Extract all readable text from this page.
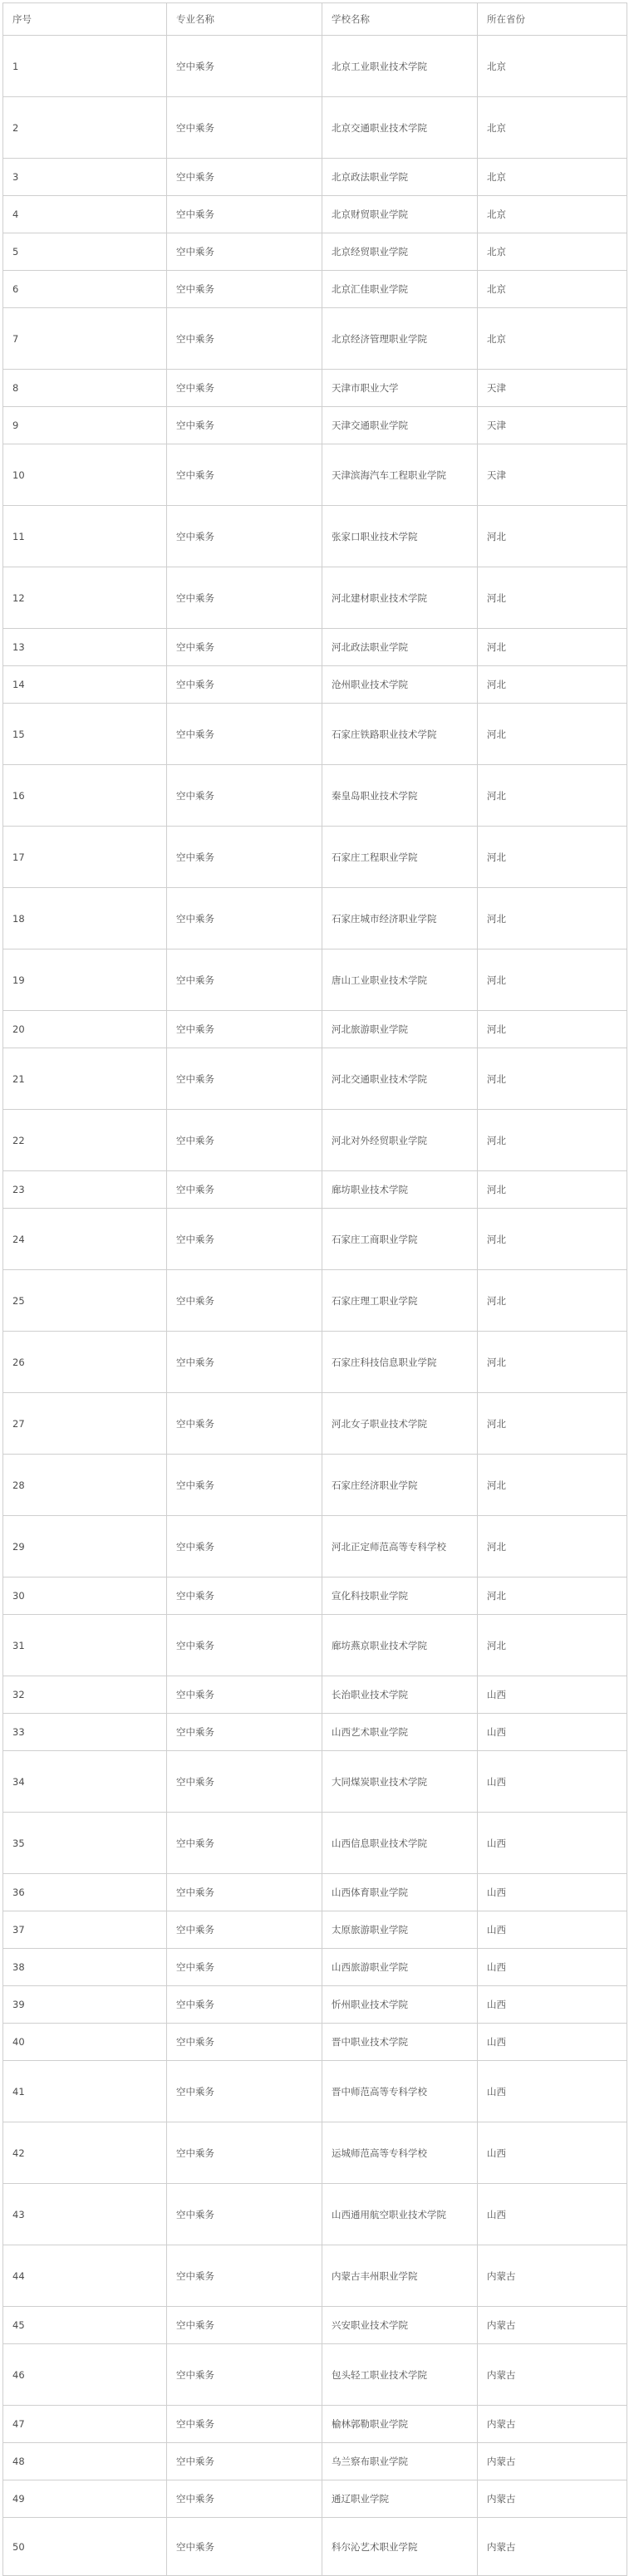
序号	专业名称	学校名称	所在省份
1	空中乘务	北京工业职业技术学院	北京
2	空中乘务	北京交通职业技术学院	北京
3	空中乘务	北京政法职业学院	北京
4	空中乘务	北京财贸职业学院	北京
5	空中乘务	北京经贸职业学院	北京
6	空中乘务	北京汇佳职业学院	北京
7	空中乘务	北京经济管理职业学院	北京
8	空中乘务	天津市职业大学	天津
9	空中乘务	天津交通职业学院	天津
10	空中乘务	天津滨海汽车工程职业学院	天津
11	空中乘务	张家口职业技术学院	河北
12	空中乘务	河北建材职业技术学院	河北
13	空中乘务	河北政法职业学院	河北
14	空中乘务	沧州职业技术学院	河北
15	空中乘务	石家庄铁路职业技术学院	河北
16	空中乘务	秦皇岛职业技术学院	河北
17	空中乘务	石家庄工程职业学院	河北
18	空中乘务	石家庄城市经济职业学院	河北
19	空中乘务	唐山工业职业技术学院	河北
20	空中乘务	河北旅游职业学院	河北
21	空中乘务	河北交通职业技术学院	河北
22	空中乘务	河北对外经贸职业学院	河北
23	空中乘务	廊坊职业技术学院	河北
24	空中乘务	石家庄工商职业学院	河北
25	空中乘务	石家庄理工职业学院	河北
26	空中乘务	石家庄科技信息职业学院	河北
27	空中乘务	河北女子职业技术学院	河北
28	空中乘务	石家庄经济职业学院	河北
29	空中乘务	河北正定师范高等专科学校	河北
30	空中乘务	宣化科技职业学院	河北
31	空中乘务	廊坊燕京职业技术学院	河北
32	空中乘务	长治职业技术学院	山西
33	空中乘务	山西艺术职业学院	山西
34	空中乘务	大同煤炭职业技术学院	山西
35	空中乘务	山西信息职业技术学院	山西
36	空中乘务	山西体育职业学院	山西
37	空中乘务	太原旅游职业学院	山西
38	空中乘务	山西旅游职业学院	山西
39	空中乘务	忻州职业技术学院	山西
40	空中乘务	晋中职业技术学院	山西
41	空中乘务	晋中师范高等专科学校	山西
42	空中乘务	运城师范高等专科学校	山西
43	空中乘务	山西通用航空职业技术学院	山西
44	空中乘务	内蒙古丰州职业学院	内蒙古
45	空中乘务	兴安职业技术学院	内蒙古
46	空中乘务	包头轻工职业技术学院	内蒙古
47	空中乘务	榆林郭勒职业学院	内蒙古
48	空中乘务	乌兰察布职业学院	内蒙古
49	空中乘务	通辽职业学院	内蒙古
50	空中乘务	科尔沁艺术职业学院	内蒙古
